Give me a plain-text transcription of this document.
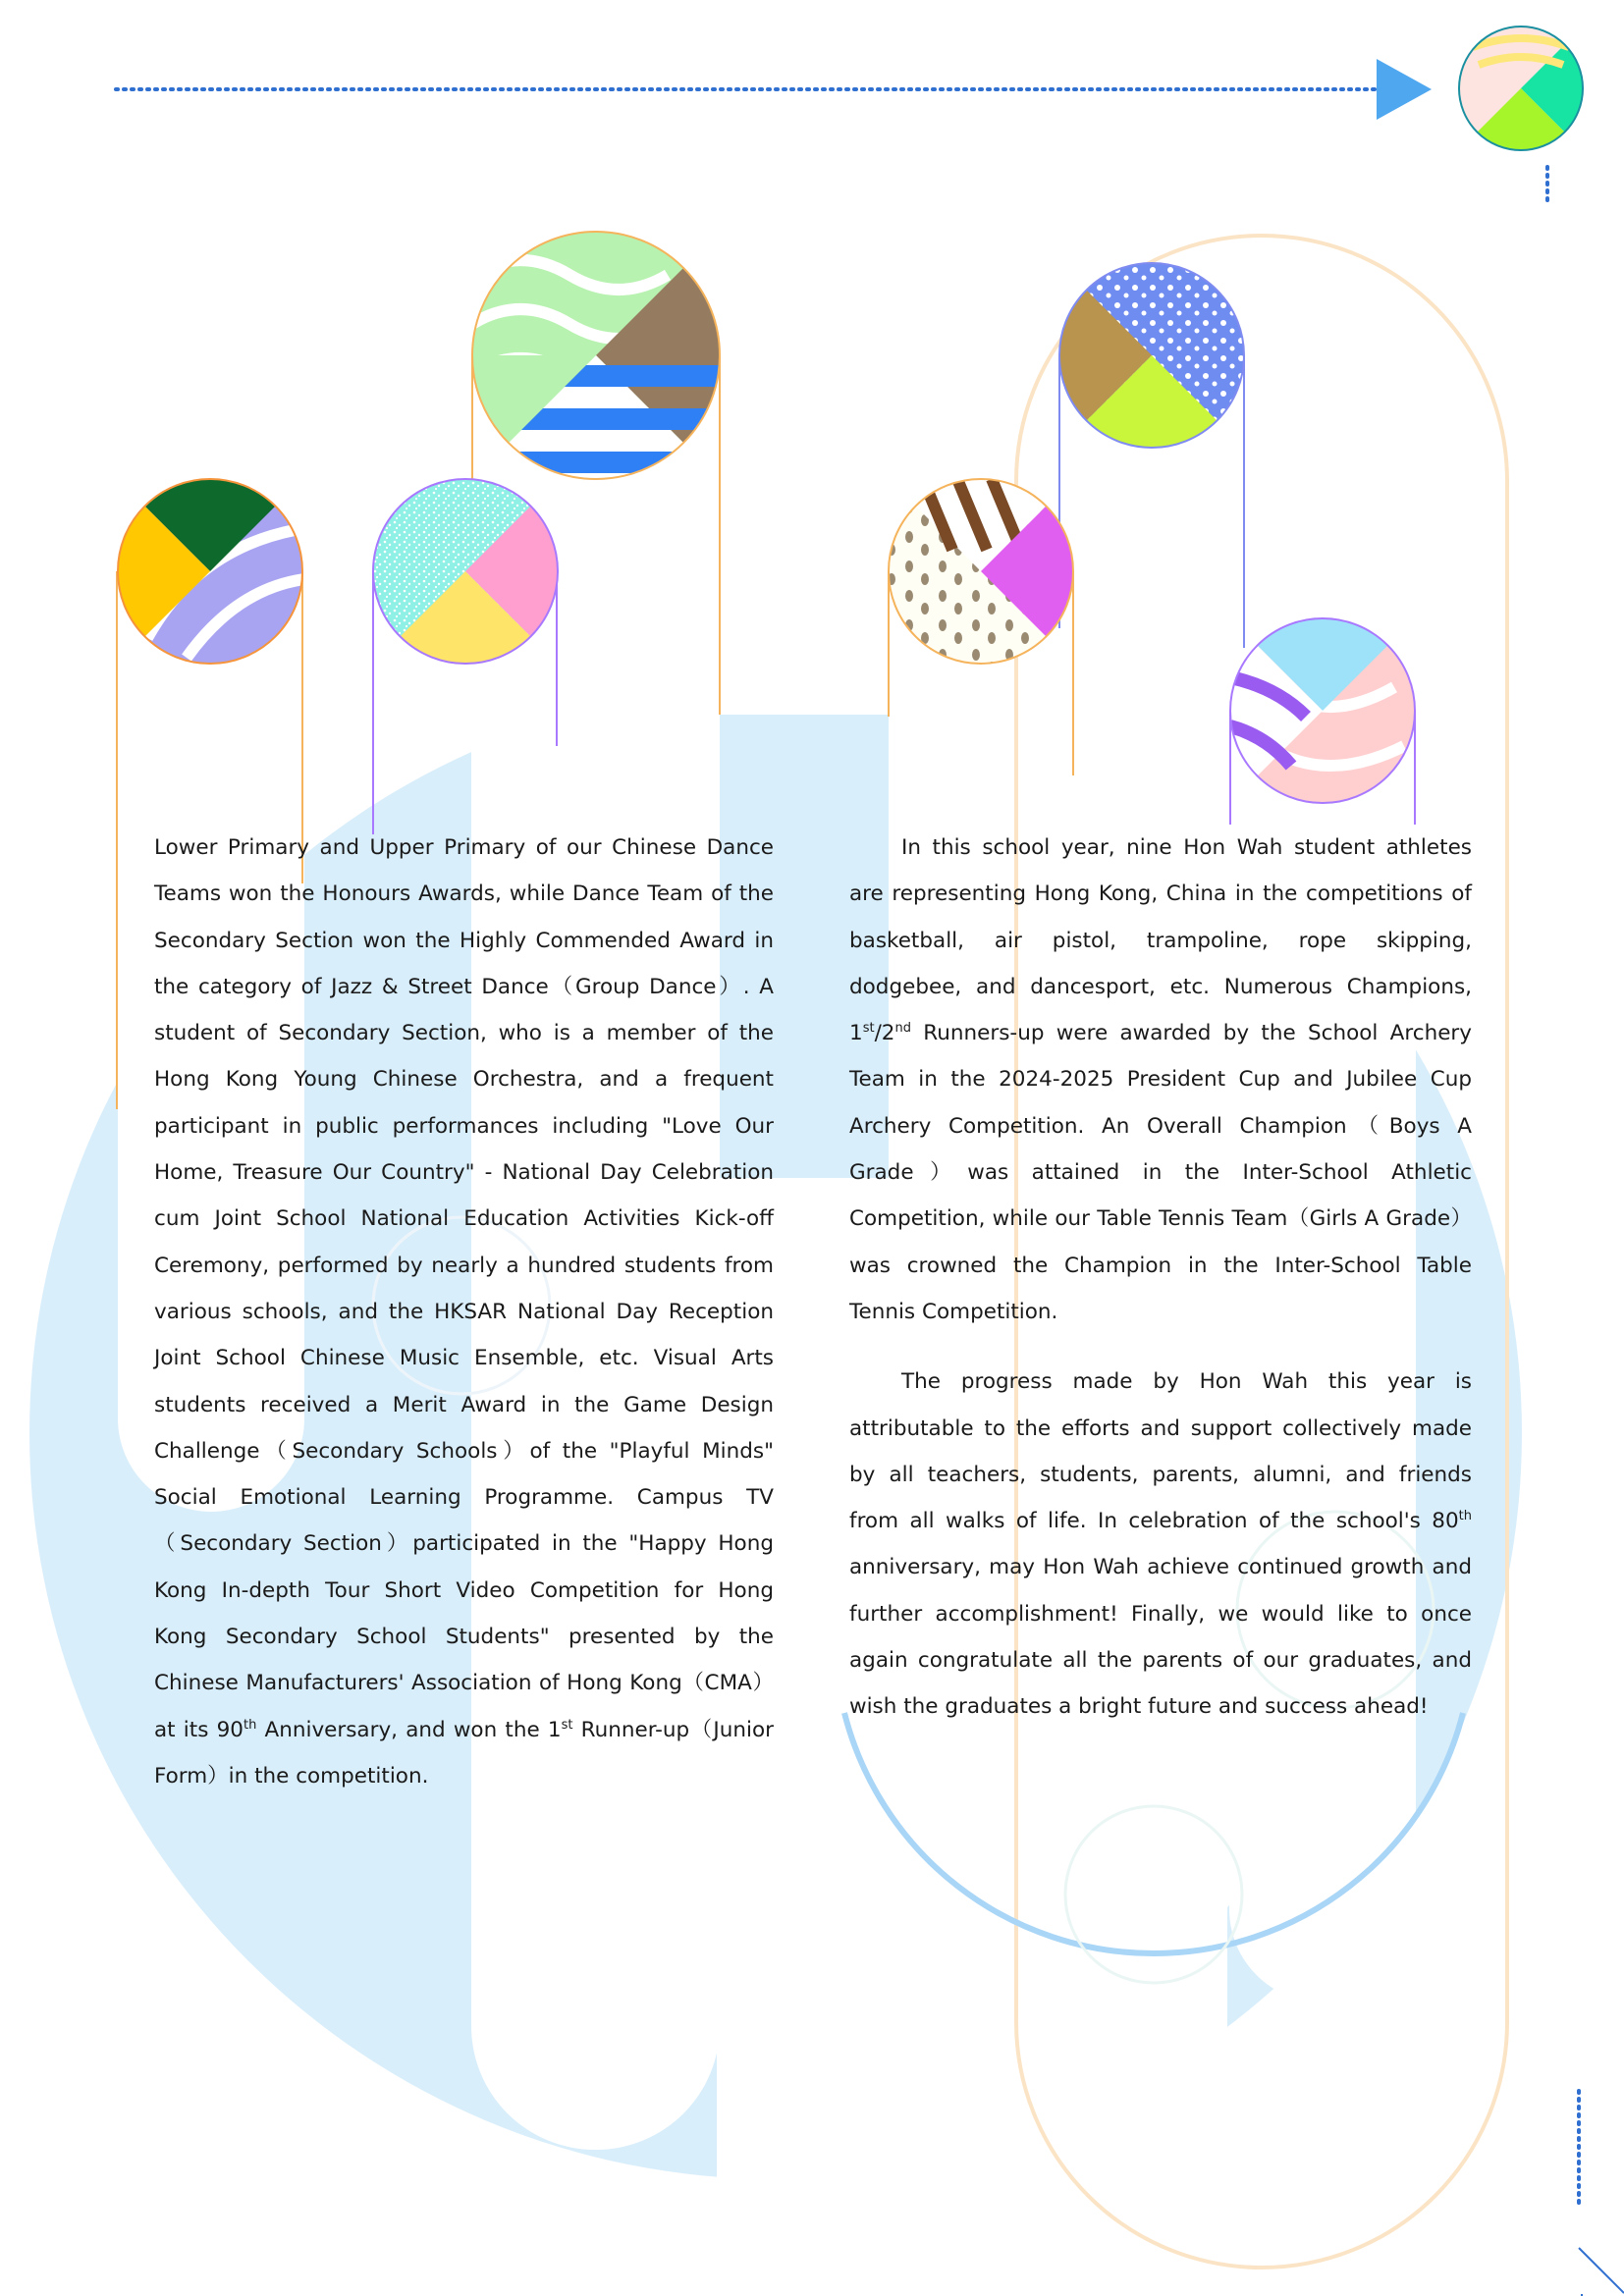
Lower Primary and Upper Primary of our Chinese Dance Teams won the Honours Awards, while Dance Team of the Secondary Section won the Highly Commended Award in the category of Jazz & Street Dance（Group Dance）. A student of Secondary Section, who is a member of the Hong Kong Young Chinese Orchestra, and a frequent participant in public performances including "Love Our Home, Treasure Our Country" - National Day Celebration cum Joint School National Education Activities Kick-off Ceremony, performed by nearly a hundred students from various schools, and the HKSAR National Day Reception Joint School Chinese Music Ensemble, etc. Visual Arts students received a Merit Award in the Game Design Challenge（Secondary Schools）of the "Playful Minds" Social Emotional Learning Programme. Campus TV（Secondary Section）participated in the "Happy Hong Kong In-depth Tour Short Video Competition for Hong Kong Secondary School Students" presented by the Chinese Manufacturers' Association of Hong Kong（CMA）at its 90th Anniversary, and won the 1st Runner-up（Junior Form）in the competition.

In this school year, nine Hon Wah student athletes are representing Hong Kong, China in the competitions of basketball, air pistol, trampoline, rope skipping, dodgebee, and dancesport, etc. Numerous Champions, 1st/2nd Runners-up were awarded by the School Archery Team in the 2024-2025 President Cup and Jubilee Cup Archery Competition. An Overall Champion（Boys A Grade）was attained in the Inter-School Athletic Competition, while our Table Tennis Team（Girls A Grade）was crowned the Champion in the Inter-School Table Tennis Competition.

The progress made by Hon Wah this year is attributable to the efforts and support collectively made by all teachers, students, parents, alumni, and friends from all walks of life. In celebration of the school's 80th anniversary, may Hon Wah achieve continued growth and further accomplishment! Finally, we would like to once again congratulate all the parents of our graduates, and wish the graduates a bright future and success ahead!
